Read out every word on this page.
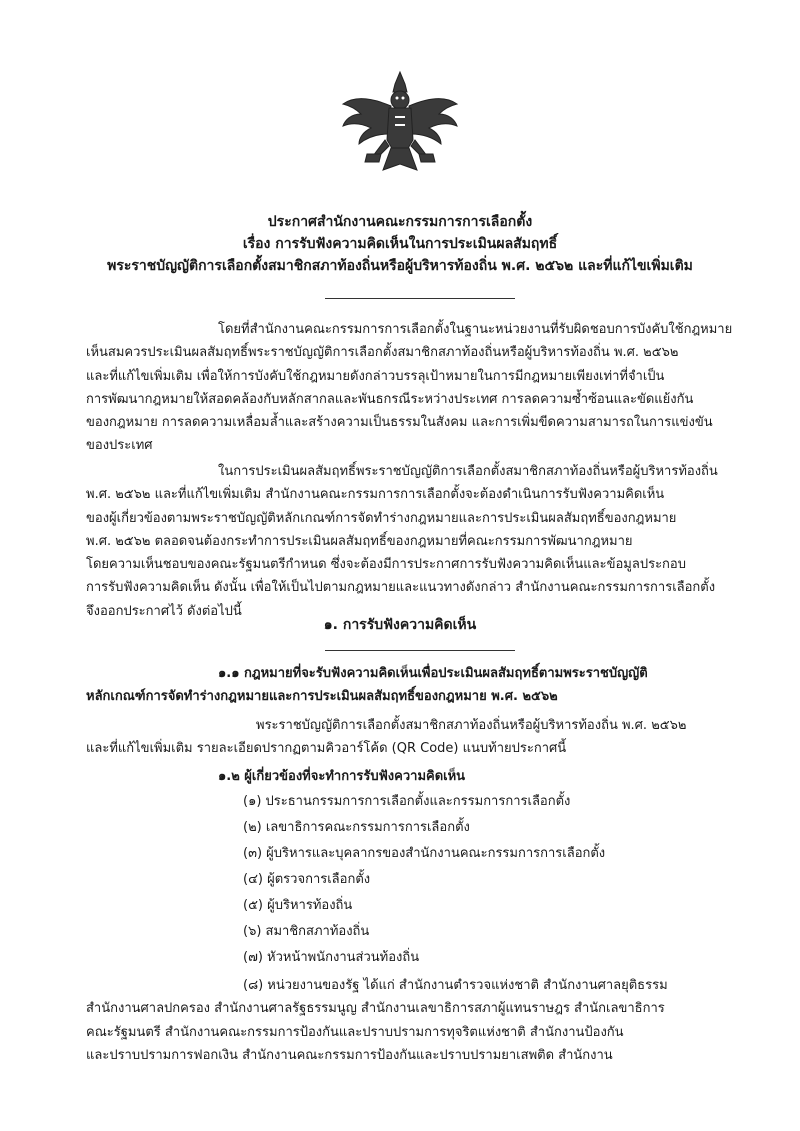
ประกาศสำนักงานคณะกรรมการการเลือกตั้ง
เรื่อง การรับฟังความคิดเห็นในการประเมินผลสัมฤทธิ์
พระราชบัญญัติการเลือกตั้งสมาชิกสภาท้องถิ่นหรือผู้บริหารท้องถิ่น พ.ศ. ๒๕๖๒ และที่แก้ไขเพิ่มเติม
โดยที่สำนักงานคณะกรรมการการเลือกตั้งในฐานะหน่วยงานที่รับผิดชอบการบังคับใช้กฎหมาย
เห็นสมควรประเมินผลสัมฤทธิ์พระราชบัญญัติการเลือกตั้งสมาชิกสภาท้องถิ่นหรือผู้บริหารท้องถิ่น พ.ศ. ๒๕๖๒
และที่แก้ไขเพิ่มเติม เพื่อให้การบังคับใช้กฎหมายดังกล่าวบรรลุเป้าหมายในการมีกฎหมายเพียงเท่าที่จำเป็น
การพัฒนากฎหมายให้สอดคล้องกับหลักสากลและพันธกรณีระหว่างประเทศ การลดความซ้ำซ้อนและขัดแย้งกัน
ของกฎหมาย การลดความเหลื่อมล้ำและสร้างความเป็นธรรมในสังคม และการเพิ่มขีดความสามารถในการแข่งขัน
ของประเทศ
ในการประเมินผลสัมฤทธิ์พระราชบัญญัติการเลือกตั้งสมาชิกสภาท้องถิ่นหรือผู้บริหารท้องถิ่น
พ.ศ. ๒๕๖๒ และที่แก้ไขเพิ่มเติม สำนักงานคณะกรรมการการเลือกตั้งจะต้องดำเนินการรับฟังความคิดเห็น
ของผู้เกี่ยวข้องตามพระราชบัญญัติหลักเกณฑ์การจัดทำร่างกฎหมายและการประเมินผลสัมฤทธิ์ของกฎหมาย
พ.ศ. ๒๕๖๒ ตลอดจนต้องกระทำการประเมินผลสัมฤทธิ์ของกฎหมายที่คณะกรรมการพัฒนากฎหมาย
โดยความเห็นชอบของคณะรัฐมนตรีกำหนด ซึ่งจะต้องมีการประกาศการรับฟังความคิดเห็นและข้อมูลประกอบ
การรับฟังความคิดเห็น ดังนั้น เพื่อให้เป็นไปตามกฎหมายและแนวทางดังกล่าว สำนักงานคณะกรรมการการเลือกตั้ง
จึงออกประกาศไว้ ดังต่อไปนี้
๑. การรับฟังความคิดเห็น
๑.๑ กฎหมายที่จะรับฟังความคิดเห็นเพื่อประเมินผลสัมฤทธิ์ตามพระราชบัญญัติ
หลักเกณฑ์การจัดทำร่างกฎหมายและการประเมินผลสัมฤทธิ์ของกฎหมาย พ.ศ. ๒๕๖๒
พระราชบัญญัติการเลือกตั้งสมาชิกสภาท้องถิ่นหรือผู้บริหารท้องถิ่น พ.ศ. ๒๕๖๒
และที่แก้ไขเพิ่มเติม รายละเอียดปรากฏตามคิวอาร์โค้ด (QR Code) แนบท้ายประกาศนี้
๑.๒ ผู้เกี่ยวข้องที่จะทำการรับฟังความคิดเห็น
(๑) ประธานกรรมการการเลือกตั้งและกรรมการการเลือกตั้ง
(๒) เลขาธิการคณะกรรมการการเลือกตั้ง
(๓) ผู้บริหารและบุคลากรของสำนักงานคณะกรรมการการเลือกตั้ง
(๔) ผู้ตรวจการเลือกตั้ง
(๕) ผู้บริหารท้องถิ่น
(๖) สมาชิกสภาท้องถิ่น
(๗) หัวหน้าพนักงานส่วนท้องถิ่น
(๘) หน่วยงานของรัฐ ได้แก่ สำนักงานตำรวจแห่งชาติ สำนักงานศาลยุติธรรม
สำนักงานศาลปกครอง สำนักงานศาลรัฐธรรมนูญ สำนักงานเลขาธิการสภาผู้แทนราษฎร สำนักเลขาธิการ
คณะรัฐมนตรี สำนักงานคณะกรรมการป้องกันและปราบปรามการทุจริตแห่งชาติ สำนักงานป้องกัน
และปราบปรามการฟอกเงิน สำนักงานคณะกรรมการป้องกันและปราบปรามยาเสพติด สำนักงาน
